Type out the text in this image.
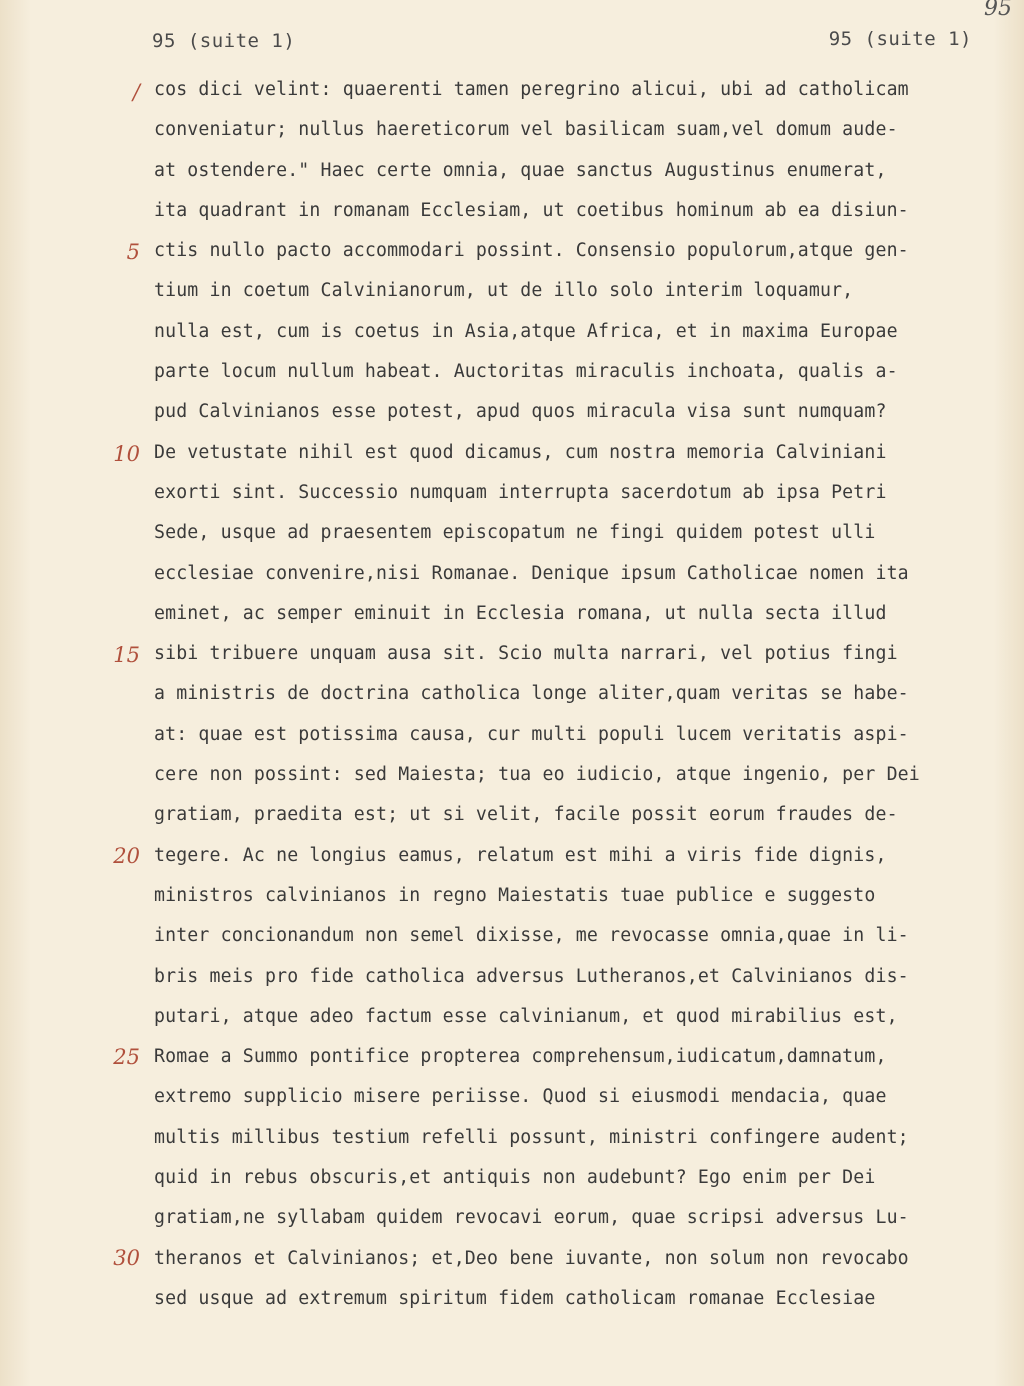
95 (suite 1)	95 (suite 1)
95
/
5
10
15
20
25
30
cos dici velint: quaerenti tamen peregrino alicui, ubi ad catholicam
conveniatur; nullus haereticorum vel basilicam suam,vel domum aude-
at ostendere." Haec certe omnia, quae sanctus Augustinus enumerat,
ita quadrant in romanam Ecclesiam, ut coetibus hominum ab ea disiun-
ctis nullo pacto accommodari possint. Consensio populorum,atque gen-
tium in coetum Calvinianorum, ut de illo solo interim loquamur,
nulla est, cum is coetus in Asia,atque Africa, et in maxima Europae
parte locum nullum habeat. Auctoritas miraculis inchoata, qualis a-
pud Calvinianos esse potest, apud quos miracula visa sunt numquam?
De vetustate nihil est quod dicamus, cum nostra memoria Calviniani
exorti sint. Successio numquam interrupta sacerdotum ab ipsa Petri
Sede, usque ad praesentem episcopatum ne fingi quidem potest ulli
ecclesiae convenire,nisi Romanae. Denique ipsum Catholicae nomen ita
eminet, ac semper eminuit in Ecclesia romana, ut nulla secta illud
sibi tribuere unquam ausa sit. Scio multa narrari, vel potius fingi
a ministris de doctrina catholica longe aliter,quam veritas se habe-
at: quae est potissima causa, cur multi populi lucem veritatis aspi-
cere non possint: sed Maiesta; tua eo iudicio, atque ingenio, per Dei
gratiam, praedita est; ut si velit, facile possit eorum fraudes de-
tegere. Ac ne longius eamus, relatum est mihi a viris fide dignis,
ministros calvinianos in regno Maiestatis tuae publice e suggesto
inter concionandum non semel dixisse, me revocasse omnia,quae in li-
bris meis pro fide catholica adversus Lutheranos,et Calvinianos dis-
putari, atque adeo factum esse calvinianum, et quod mirabilius est,
Romae a Summo pontifice propterea comprehensum,iudicatum,damnatum,
extremo supplicio misere periisse. Quod si eiusmodi mendacia, quae
multis millibus testium refelli possunt, ministri confingere audent;
quid in rebus obscuris,et antiquis non audebunt? Ego enim per Dei
gratiam,ne syllabam quidem revocavi eorum, quae scripsi adversus Lu-
theranos et Calvinianos; et,Deo bene iuvante, non solum non revocabo
sed usque ad extremum spiritum fidem catholicam romanae Ecclesiae
